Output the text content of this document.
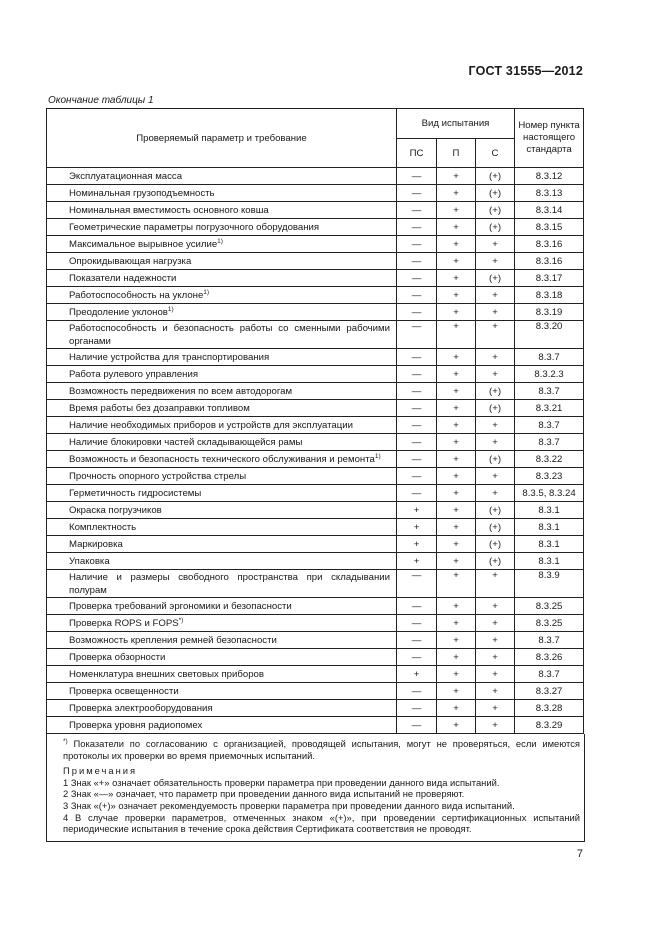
ГОСТ 31555—2012
Окончание таблицы 1
Проверяемый параметр и требование	Вид испытания			Номер пункта настоящего стандарта
	ПС	П	С	
Эксплуатационная масса	—	+	(+)	8.3.12
Номинальная грузоподъемность	—	+	(+)	8.3.13
Номинальная вместимость основного ковша	—	+	(+)	8.3.14
Геометрические параметры погрузочного оборудования	—	+	(+)	8.3.15
Максимальное вырывное усилие$^{1)}$	—	+	+	8.3.16
Опрокидывающая нагрузка	—	+	+	8.3.16
Показатели надежности	—	+	(+)	8.3.17
Работоспособность на уклоне$^{1)}$	—	+	+	8.3.18
Преодоление уклонов$^{1)}$	—	+	+	8.3.19
Работоспособность и безопасность работы со сменными рабочими органами	—	+	+	8.3.20
Наличие устройства для транспортирования	—	+	+	8.3.7
Работа рулевого управления	—	+	+	8.3.2.3
Возможность передвижения по всем автодорогам	—	+	(+)	8.3.7
Время работы без дозаправки топливом	—	+	(+)	8.3.21
Наличие необходимых приборов и устройств для эксплуатации	—	+	+	8.3.7
Наличие блокировки частей складывающейся рамы	—	+	+	8.3.7
Возможность и безопасность технического обслуживания и ремонта$^{1)}$	—	+	(+)	8.3.22
Прочность опорного устройства стрелы	—	+	+	8.3.23
Герметичность гидросистемы	—	+	+	8.3.5, 8.3.24
Окраска погрузчиков	+	+	(+)	8.3.1
Комплектность	+	+	(+)	8.3.1
Маркировка	+	+	(+)	8.3.1
Упаковка	+	+	(+)	8.3.1
Наличие и размеры свободного пространства при складывании полурам	—	+	+	8.3.9
Проверка требований эргономики и безопасности	—	+	+	8.3.25
Проверка ROPS и FOPS*)	—	+	+	8.3.25
Возможность крепления ремней безопасности	—	+	+	8.3.7
Проверка обзорности	—	+	+	8.3.26
Номенклатура внешних световых приборов	+	+	+	8.3.7
Проверка освещенности	—	+	+	8.3.27
Проверка электрооборудования	—	+	+	8.3.28
Проверка уровня радиопомех	—	+	+	8.3.29
*) Показатели по согласованию с организацией, проводящей испытания, могут не проверяться, если имеются протоколы их проверки во время приемочных испытаний.
Примечания
1 Знак «+» означает обязательность проверки параметра при проведении данного вида испытаний.
2 Знак «—» означает, что параметр при проведении данного вида испытаний не проверяют.
3 Знак «(+)» означает рекомендуемость проверки параметра при проведении данного вида испытаний.
4 В случае проверки параметров, отмеченных знаком «(+)», при проведении сертификационных испытаний периодические испытания в течение срока действия Сертификата соответствия не проводят.
7
